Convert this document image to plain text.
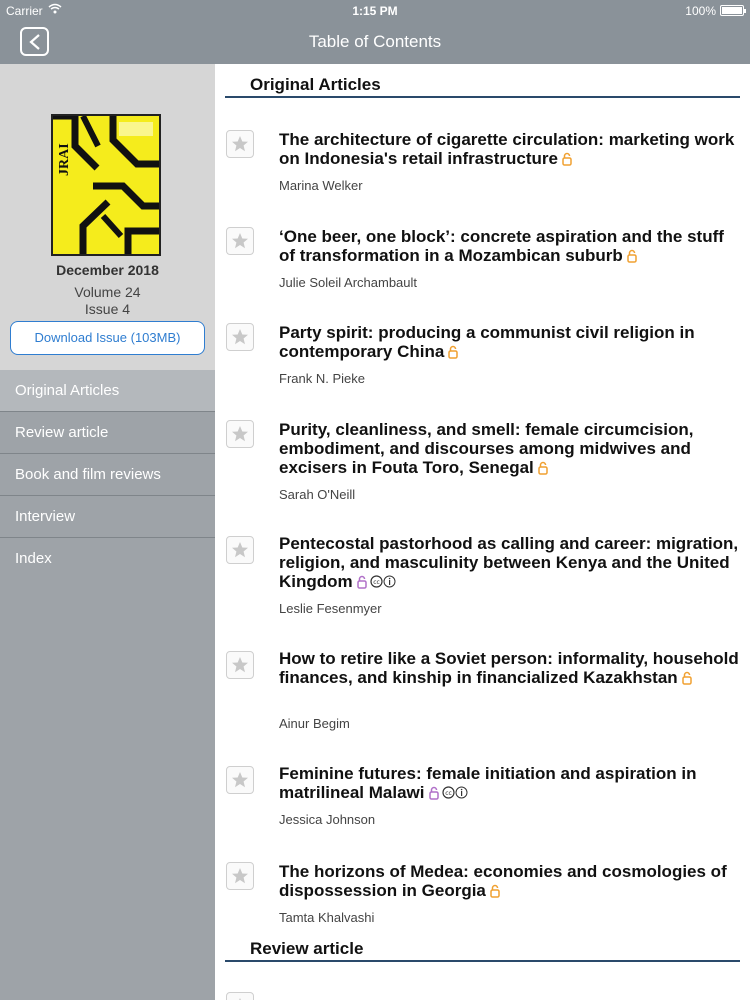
Carrier	1:15 PM	100%
Table of Contents
JRAI
December 2018
Volume 24
Issue 4
Download Issue (103MB)
Original Articles
Review article
Book and film reviews
Interview
Index
Original Articles
The architecture of cigarette circulation: marketing work on Indonesia's retail infrastructure
Marina Welker
‘One beer, one block’: concrete aspiration and the stuff of transformation in a Mozambican suburb
Julie Soleil Archambault
Party spirit: producing a communist civil religion in contemporary China
Frank N. Pieke
Purity, cleanliness, and smell: female circumcision, embodiment, and discourses among midwives and excisers in Fouta Toro, Senegal
Sarah O'Neill
Pentecostal pastorhood as calling and career: migration, religion, and masculinity between Kenya and the United Kingdom	cc
Leslie Fesenmyer
How to retire like a Soviet person: informality, household finances, and kinship in financialized Kazakhstan
Ainur Begim
Feminine futures: female initiation and aspiration in matrilineal Malawi	cc
Jessica Johnson
The horizons of Medea: economies and cosmologies of dispossession in Georgia
Tamta Khalvashi
Review article
